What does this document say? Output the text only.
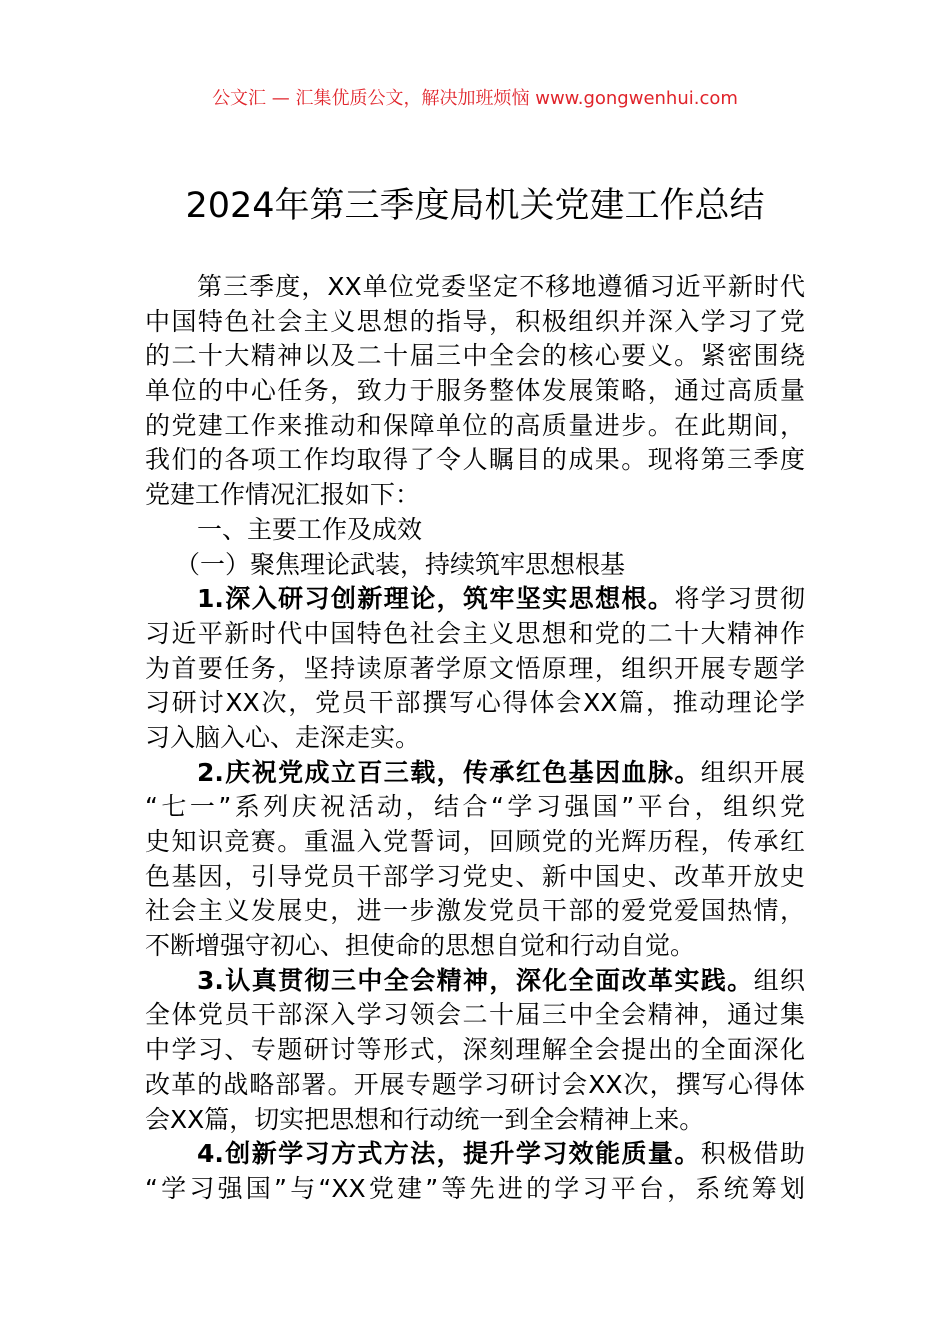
公文汇 — 汇集优质公文，解决加班烦恼 www.gongwenhui.com
2024年第三季度局机关党建工作总结
第三季度，XX单位党委坚定不移地遵循习近平新时代
中国特色社会主义思想的指导，积极组织并深入学习了党
的二十大精神以及二十届三中全会的核心要义。紧密围绕
单位的中心任务，致力于服务整体发展策略，通过高质量
的党建工作来推动和保障单位的高质量进步。在此期间，
我们的各项工作均取得了令人瞩目的成果。现将第三季度
党建工作情况汇报如下：
一、主要工作及成效
（一）聚焦理论武装，持续筑牢思想根基
1.深入研习创新理论，筑牢坚实思想根。将学习贯彻
习近平新时代中国特色社会主义思想和党的二十大精神作
为首要任务，坚持读原著学原文悟原理，组织开展专题学
习研讨XX次，党员干部撰写心得体会XX篇，推动理论学
习入脑入心、走深走实。
2.庆祝党成立百三载，传承红色基因血脉。组织开展
“七一”系列庆祝活动，结合“学习强国”平台，组织党
史知识竞赛。重温入党誓词，回顾党的光辉历程，传承红
色基因，引导党员干部学习党史、新中国史、改革开放史
社会主义发展史，进一步激发党员干部的爱党爱国热情，
不断增强守初心、担使命的思想自觉和行动自觉。
3.认真贯彻三中全会精神，深化全面改革实践。组织
全体党员干部深入学习领会二十届三中全会精神，通过集
中学习、专题研讨等形式，深刻理解全会提出的全面深化
改革的战略部署。开展专题学习研讨会XX次，撰写心得体
会XX篇，切实把思想和行动统一到全会精神上来。
4.创新学习方式方法，提升学习效能质量。积极借助
“学习强国”与“XX党建”等先进的学习平台，系统筹划
